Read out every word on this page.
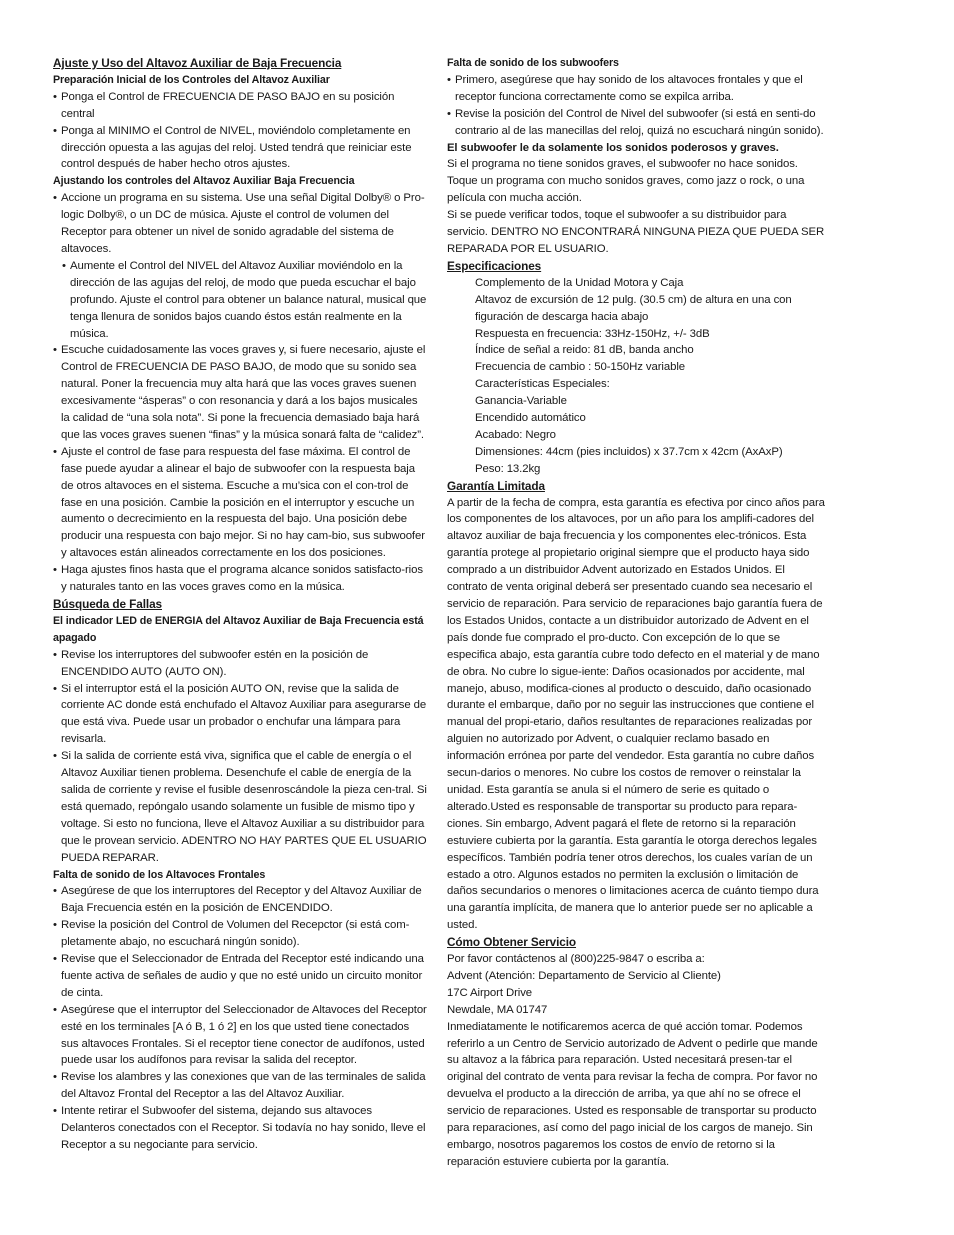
Ajuste y Uso del Altavoz Auxiliar de Baja Frecuencia

Preparación Inicial de los Controles del Altavoz Auxiliar

• Ponga el Control de FRECUENCIA DE PASO BAJO en su posición central
• Ponga al MINIMO el Control de NIVEL, moviéndolo completamente en dirección opuesta a las agujas del reloj. Usted tendrá que reiniciar este control después de haber hecho otros ajustes.

Ajustando los controles del Altavoz Auxiliar Baja Frecuencia

• Accione un programa en su sistema. Use una señal Digital Dolby® o Pro-logic Dolby®, o un DC de música. Ajuste el control de volumen del Receptor para obtener un nivel de sonido agradable del sistema de altavoces.
• Aumente el Control del NIVEL del Altavoz Auxiliar moviéndolo en la dirección de las agujas del reloj, de modo que pueda escuchar el bajo profundo. Ajuste el control para obtener un balance natural, musical que tenga llenura de sonidos bajos cuando éstos están realmente en la música.
• Escuche cuidadosamente las voces graves y, si fuere necesario, ajuste el Control de FRECUENCIA DE PASO BAJO, de modo que su sonido sea natural. Poner la frecuencia muy alta hará que las voces graves suenen excesivamente “ásperas” o con resonancia y dará a los bajos musicales la calidad de “una sola nota”. Si pone la frecuencia demasiado baja hará que las voces graves suenen “finas” y la música sonará falta de “calidez”.
• Ajuste el control de fase para respuesta del fase máxima. El control de fase puede ayudar a alinear el bajo de subwoofer con la respuesta baja de otros altavoces en el sistema. Escuche a mu’sica con el con-trol de fase en una posición. Cambie la posición en el interruptor y escuche un aumento o decrecimiento en la respuesta del bajo. Una posición debe producir una respuesta con bajo mejor. Si no hay cam-bio, sus subwoofer y altavoces están alineados correctamente en los dos posiciones.
• Haga ajustes finos hasta que el programa alcance sonidos satisfacto-rios y naturales tanto en las voces graves como en la música.

Búsqueda de Fallas

El indicador LED de ENERGIA del Altavoz Auxiliar de Baja Frecuencia está apagado

• Revise los interruptores del subwoofer estén en la posición de ENCENDIDO AUTO (AUTO ON).
• Si el interruptor está el la posición AUTO ON, revise que la salida de corriente AC donde está enchufado el Altavoz Auxiliar para asegurarse de que está viva. Puede usar un probador o enchufar una lámpara para revisarla.
• Si la salida de corriente está viva, significa que el cable de energía o el Altavoz Auxiliar tienen problema. Desenchufe el cable de energía de la salida de corriente y revise el fusible desenroscándole la pieza cen-tral. Si está quemado, repóngalo usando solamente un fusible de mismo tipo y voltage. Si esto no funciona, lleve el Altavoz Auxiliar a su distribuidor para que le provean servicio. ADENTRO NO HAY PARTES QUE EL USUARIO PUEDA REPARAR.

Falta de sonido de los Altavoces Frontales

• Asegúrese de que los interruptores del Receptor y del Altavoz Auxiliar de Baja Frecuencia estén en la posición de ENCENDIDO.
• Revise la posición del Control de Volumen del Recepctor (si está com-pletamente abajo, no escuchará ningún sonido).
• Revise que el Seleccionador de Entrada del Receptor esté indicando una fuente activa de señales de audio y que no esté unido un circuito monitor de cinta.
• Asegúrese que el interruptor del Seleccionador de Altavoces del Receptor esté en los terminales [A ó B, 1 ó 2] en los que usted tiene conectados sus altavoces Frontales. Si el receptor tiene conector de audífonos, usted puede usar los audífonos para revisar la salida del receptor.
• Revise los alambres y las conexiones que van de las terminales de salida del Altavoz Frontal del Receptor a las del Altavoz Auxiliar.
• Intente retirar el Subwoofer del sistema, dejando sus altavoces Delanteros conectados con el Receptor. Si todavía no hay sonido, lleve el Receptor a su negociante para servicio.

Falta de sonido de los subwoofers

• Primero, asegúrese que hay sonido de los altavoces frontales y que el receptor funciona correctamente como se expilca arriba.
• Revise la posición del Control de Nivel del subwoofer (si está en senti-do contrario al de las manecillas del reloj, quizá no escuchará ningún sonido).

El subwoofer le da solamente los sonidos poderosos y graves.

Si el programa no tiene sonidos graves, el subwoofer no hace sonidos. Toque un programa con mucho sonidos graves, como jazz o rock, o una película con mucha acción.

Si se puede verificar todos, toque el subwoofer a su distribuidor para servicio. DENTRO NO ENCONTRARÁ NINGUNA PIEZA QUE PUEDA SER REPARADA POR EL USUARIO.

Especificaciones

Complemento de la Unidad Motora y Caja

Altavoz de excursión de 12 pulg. (30.5 cm) de altura en una con figuración de descarga hacia abajo

Respuesta en frecuencia: 33Hz-150Hz, +/- 3dB

Índice de señal a reido: 81 dB, banda ancho

Frecuencia de cambio : 50-150Hz variable

Características Especiales:

Ganancia-Variable

Encendido automático

Acabado: Negro

Dimensiones: 44cm (pies incluidos) x 37.7cm x 42cm (AxAxP)

Peso: 13.2kg

Garantía Limitada

A partir de la fecha de compra, esta garantía es efectiva por cinco años para los componentes de los altavoces, por un año para los amplifi-cadores del altavoz auxiliar de baja frecuencia y los componentes elec-trónicos. Esta garantía protege al propietario original siempre que el producto haya sido comprado a un distribuidor Advent autorizado en Estados Unidos. El contrato de venta original deberá ser presentado cuando sea necesario el servicio de reparación. Para servicio de reparaciones bajo garantía fuera de los Estados Unidos, contacte a un distribuidor autorizado de Advent en el país donde fue comprado el pro-ducto. Con excepción de lo que se especifica abajo, esta garantía cubre todo defecto en el material y de mano de obra. No cubre lo sigue-iente: Daños ocasionados por accidente, mal manejo, abuso, modifica-ciones al producto o descuido, daño ocasionado durante el embarque, daño por no seguir las instrucciones que contiene el manual del propi-etario, daños resultantes de reparaciones realizadas por alguien no autorizado por Advent, o cualquier reclamo basado en información errónea por parte del vendedor. Esta garantía no cubre daños secun-darios o menores. No cubre los costos de remover o reinstalar la unidad. Esta garantía se anula si el número de serie es quitado o alterado.Usted es responsable de transportar su producto para repara-ciones. Sin embargo, Advent pagará el flete de retorno si la reparación estuviere cubierta por la garantía. Esta garantía le otorga derechos legales específicos. También podría tener otros derechos, los cuales varían de un estado a otro. Algunos estados no permiten la exclusión o limitación de daños secundarios o menores o limitaciones acerca de cuánto tiempo dura una garantía implícita, de manera que lo anterior puede ser no aplicable a usted.

Cómo Obtener Servicio

Por favor contáctenos al (800)225-9847 o escriba a:
Advent (Atención: Departamento de Servicio al Cliente)
17C Airport Drive
Newdale, MA 01747

Inmediatamente le notificaremos acerca de qué acción tomar. Podemos referirlo a un Centro de Servicio autorizado de Advent o pedirle que mande su altavoz a la fábrica para reparación. Usted necesitará presen-tar el original del contrato de venta para revisar la fecha de compra. Por favor no devuelva el producto a la dirección de arriba, ya que ahí no se ofrece el servicio de reparaciones. Usted es responsable de transportar su producto para reparaciones, así como del pago inicial de los cargos de manejo. Sin embargo, nosotros pagaremos los costos de envío de retorno si la reparación estuviere cubierta por la garantía.
